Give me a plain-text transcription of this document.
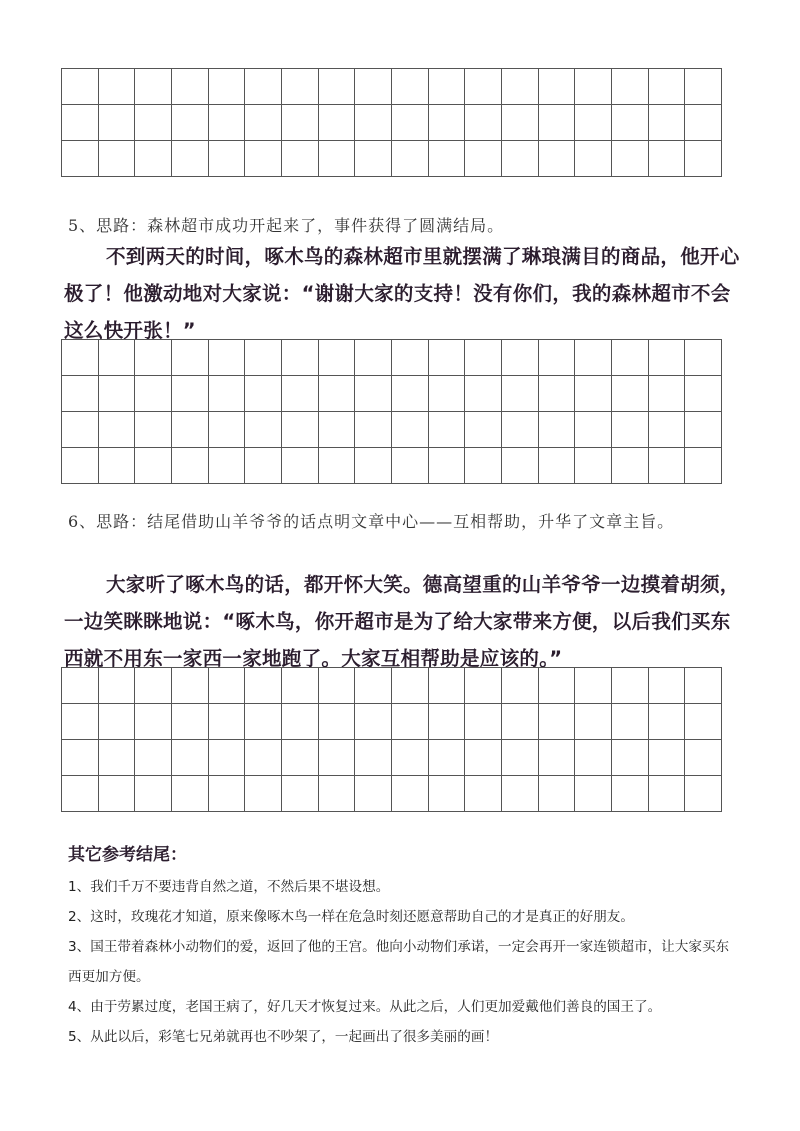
5、思路：森林超市成功开起来了，事件获得了圆满结局。

不到两天的时间，啄木鸟的森林超市里就摆满了琳琅满目的商品，他开心极了！他激动地对大家说：“谢谢大家的支持！没有你们，我的森林超市不会这么快开张！”

6、思路：结尾借助山羊爷爷的话点明文章中心——互相帮助，升华了文章主旨。

大家听了啄木鸟的话，都开怀大笑。德高望重的山羊爷爷一边摸着胡须，一边笑眯眯地说：“啄木鸟，你开超市是为了给大家带来方便，以后我们买东西就不用东一家西一家地跑了。大家互相帮助是应该的。”

其它参考结尾：

1、我们千万不要违背自然之道，不然后果不堪设想。
2、这时，玫瑰花才知道，原来像啄木鸟一样在危急时刻还愿意帮助自己的才是真正的好朋友。
3、国王带着森林小动物们的爱，返回了他的王宫。他向小动物们承诺，一定会再开一家连锁超市，让大家买东西更加方便。
4、由于劳累过度，老国王病了，好几天才恢复过来。从此之后，人们更加爱戴他们善良的国王了。
5、从此以后，彩笔七兄弟就再也不吵架了，一起画出了很多美丽的画！
